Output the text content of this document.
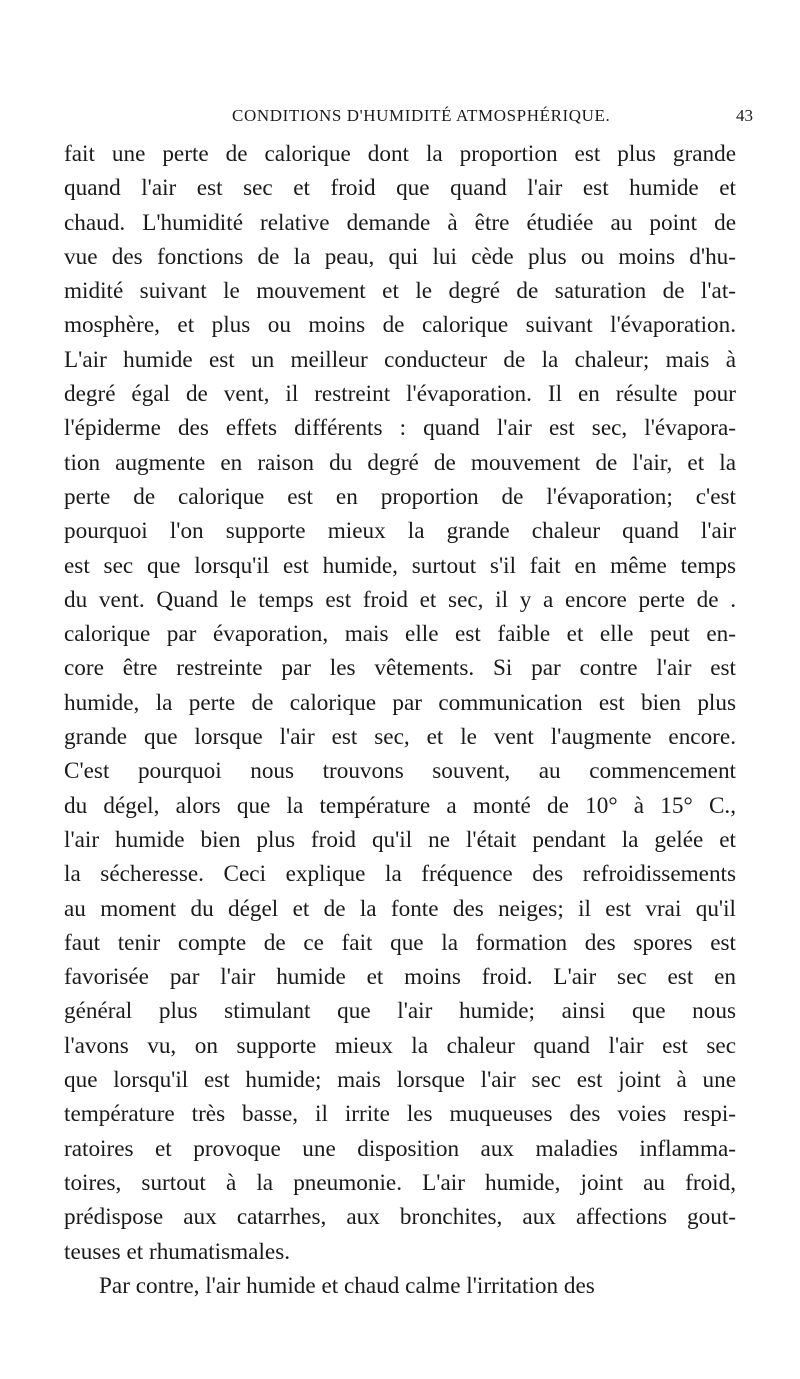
CONDITIONS D'HUMIDITÉ ATMOSPHÉRIQUE.	43
fait une perte de calorique dont la proportion est plus grande
quand l'air est sec et froid que quand l'air est humide et
chaud. L'humidité relative demande à être étudiée au point de
vue des fonctions de la peau, qui lui cède plus ou moins d'hu-
midité suivant le mouvement et le degré de saturation de l'at-
mosphère, et plus ou moins de calorique suivant l'évaporation.
L'air humide est un meilleur conducteur de la chaleur; mais à
degré égal de vent, il restreint l'évaporation. Il en résulte pour
l'épiderme des effets différents : quand l'air est sec, l'évapora-
tion augmente en raison du degré de mouvement de l'air, et la
perte de calorique est en proportion de l'évaporation; c'est
pourquoi l'on supporte mieux la grande chaleur quand l'air
est sec que lorsqu'il est humide, surtout s'il fait en même temps
du vent. Quand le temps est froid et sec, il y a encore perte de .
calorique par évaporation, mais elle est faible et elle peut en-
core être restreinte par les vêtements. Si par contre l'air est
humide, la perte de calorique par communication est bien plus
grande que lorsque l'air est sec, et le vent l'augmente encore.
C'est pourquoi nous trouvons souvent, au commencement
du dégel, alors que la température a monté de 10° à 15° C.,
l'air humide bien plus froid qu'il ne l'était pendant la gelée et
la sécheresse. Ceci explique la fréquence des refroidissements
au moment du dégel et de la fonte des neiges; il est vrai qu'il
faut tenir compte de ce fait que la formation des spores est
favorisée par l'air humide et moins froid. L'air sec est en
général plus stimulant que l'air humide; ainsi que nous
l'avons vu, on supporte mieux la chaleur quand l'air est sec
que lorsqu'il est humide; mais lorsque l'air sec est joint à une
température très basse, il irrite les muqueuses des voies respi-
ratoires et provoque une disposition aux maladies inflamma-
toires, surtout à la pneumonie. L'air humide, joint au froid,
prédispose aux catarrhes, aux bronchites, aux affections gout-
teuses et rhumatismales.
Par contre, l'air humide et chaud calme l'irritation des
